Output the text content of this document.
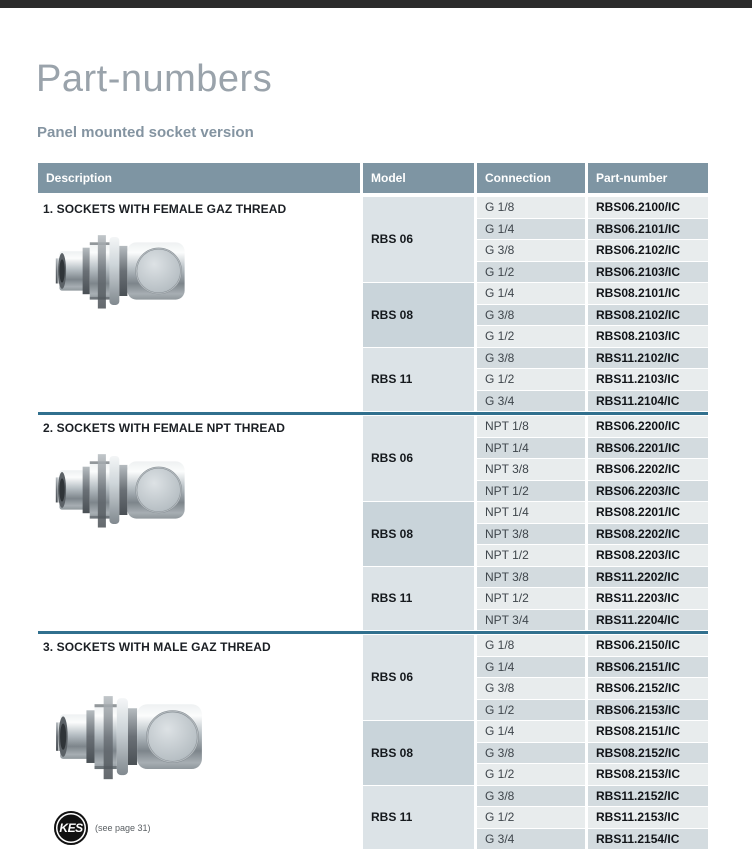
Part-numbers
Panel mounted socket version
Description	Model	Connection	Part-number
1. SOCKETS WITH FEMALE GAZ THREAD
RBS 06
G 1/8	RBS06.2100/IC
G 1/4	RBS06.2101/IC
G 3/8	RBS06.2102/IC
G 1/2	RBS06.2103/IC
RBS 08
G 1/4	RBS08.2101/IC
G 3/8	RBS08.2102/IC
G 1/2	RBS08.2103/IC
RBS 11
G 3/8	RBS11.2102/IC
G 1/2	RBS11.2103/IC
G 3/4	RBS11.2104/IC
2. SOCKETS WITH FEMALE NPT THREAD
RBS 06
NPT 1/8	RBS06.2200/IC
NPT 1/4	RBS06.2201/IC
NPT 3/8	RBS06.2202/IC
NPT 1/2	RBS06.2203/IC
RBS 08
NPT 1/4	RBS08.2201/IC
NPT 3/8	RBS08.2202/IC
NPT 1/2	RBS08.2203/IC
RBS 11
NPT 3/8	RBS11.2202/IC
NPT 1/2	RBS11.2203/IC
NPT 3/4	RBS11.2204/IC
3. SOCKETS WITH MALE GAZ THREAD
KES	(see page 31)
RBS 06
G 1/8	RBS06.2150/IC
G 1/4	RBS06.2151/IC
G 3/8	RBS06.2152/IC
G 1/2	RBS06.2153/IC
RBS 08
G 1/4	RBS08.2151/IC
G 3/8	RBS08.2152/IC
G 1/2	RBS08.2153/IC
RBS 11
G 3/8	RBS11.2152/IC
G 1/2	RBS11.2153/IC
G 3/4	RBS11.2154/IC
